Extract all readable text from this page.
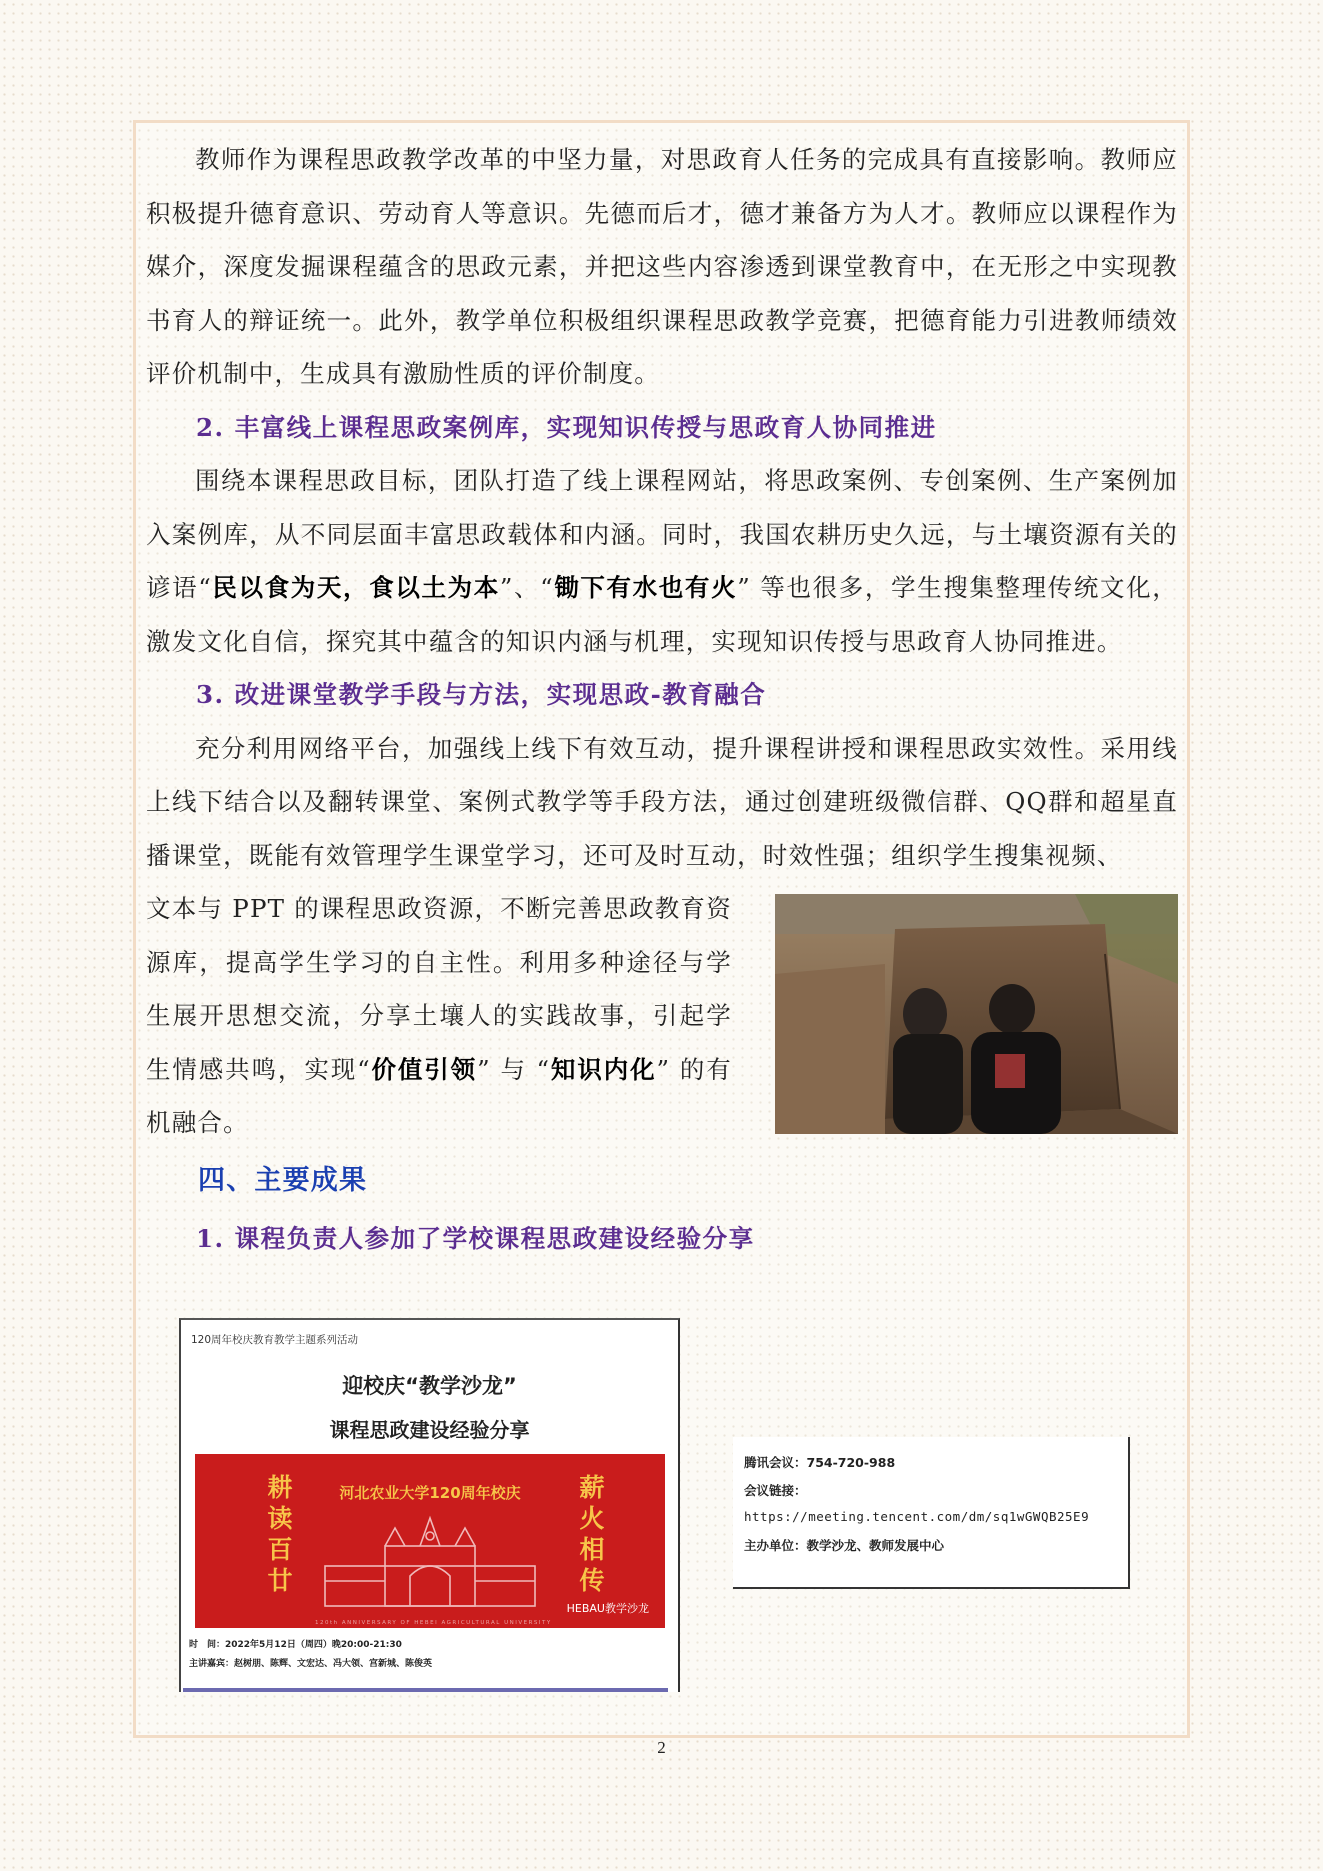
教师作为课程思政教学改革的中坚力量，对思政育人任务的完成具有直接影响。教师应积极提升德育意识、劳动育人等意识。先德而后才，德才兼备方为人才。教师应以课程作为媒介，深度发掘课程蕴含的思政元素，并把这些内容渗透到课堂教育中，在无形之中实现教书育人的辩证统一。此外，教学单位积极组织课程思政教学竞赛，把德育能力引进教师绩效评价机制中，生成具有激励性质的评价制度。

2. 丰富线上课程思政案例库，实现知识传授与思政育人协同推进

围绕本课程思政目标，团队打造了线上课程网站，将思政案例、专创案例、生产案例加入案例库，从不同层面丰富思政载体和内涵。同时，我国农耕历史久远，与土壤资源有关的谚语“民以食为天，食以土为本”、“锄下有水也有火” 等也很多，学生搜集整理传统文化，激发文化自信，探究其中蕴含的知识内涵与机理，实现知识传授与思政育人协同推进。

3. 改进课堂教学手段与方法，实现思政-教育融合

充分利用网络平台，加强线上线下有效互动，提升课程讲授和课程思政实效性。采用线上线下结合以及翻转课堂、案例式教学等手段方法，通过创建班级微信群、QQ群和超星直播课堂，既能有效管理学生课堂学习，还可及时互动，时效性强；组织学生搜集视频、

文本与 PPT 的课程思政资源，不断完善思政教育资源库，提高学生学习的自主性。利用多种途径与学生展开思想交流，分享土壤人的实践故事，引起学生情感共鸣，实现“价值引领” 与 “知识内化” 的有机融合。

四、主要成果

1. 课程负责人参加了学校课程思政建设经验分享

120周年校庆教育教学主题系列活动
迎校庆“教学沙龙”
课程思政建设经验分享
耕读百廿
薪火相传
河北农业大学120周年校庆
120th ANNIVERSARY OF HEBEI AGRICULTURAL UNIVERSITY
HEBAU教学沙龙
时　间：2022年5月12日（周四）晚20:00-21:30
主讲嘉宾：赵树朋、陈辉、文宏达、冯大领、宫新城、陈俊英
腾讯会议：754-720-988
会议链接：
https://meeting.tencent.com/dm/sq1wGWQB25E9
主办单位：教学沙龙、教师发展中心
2
